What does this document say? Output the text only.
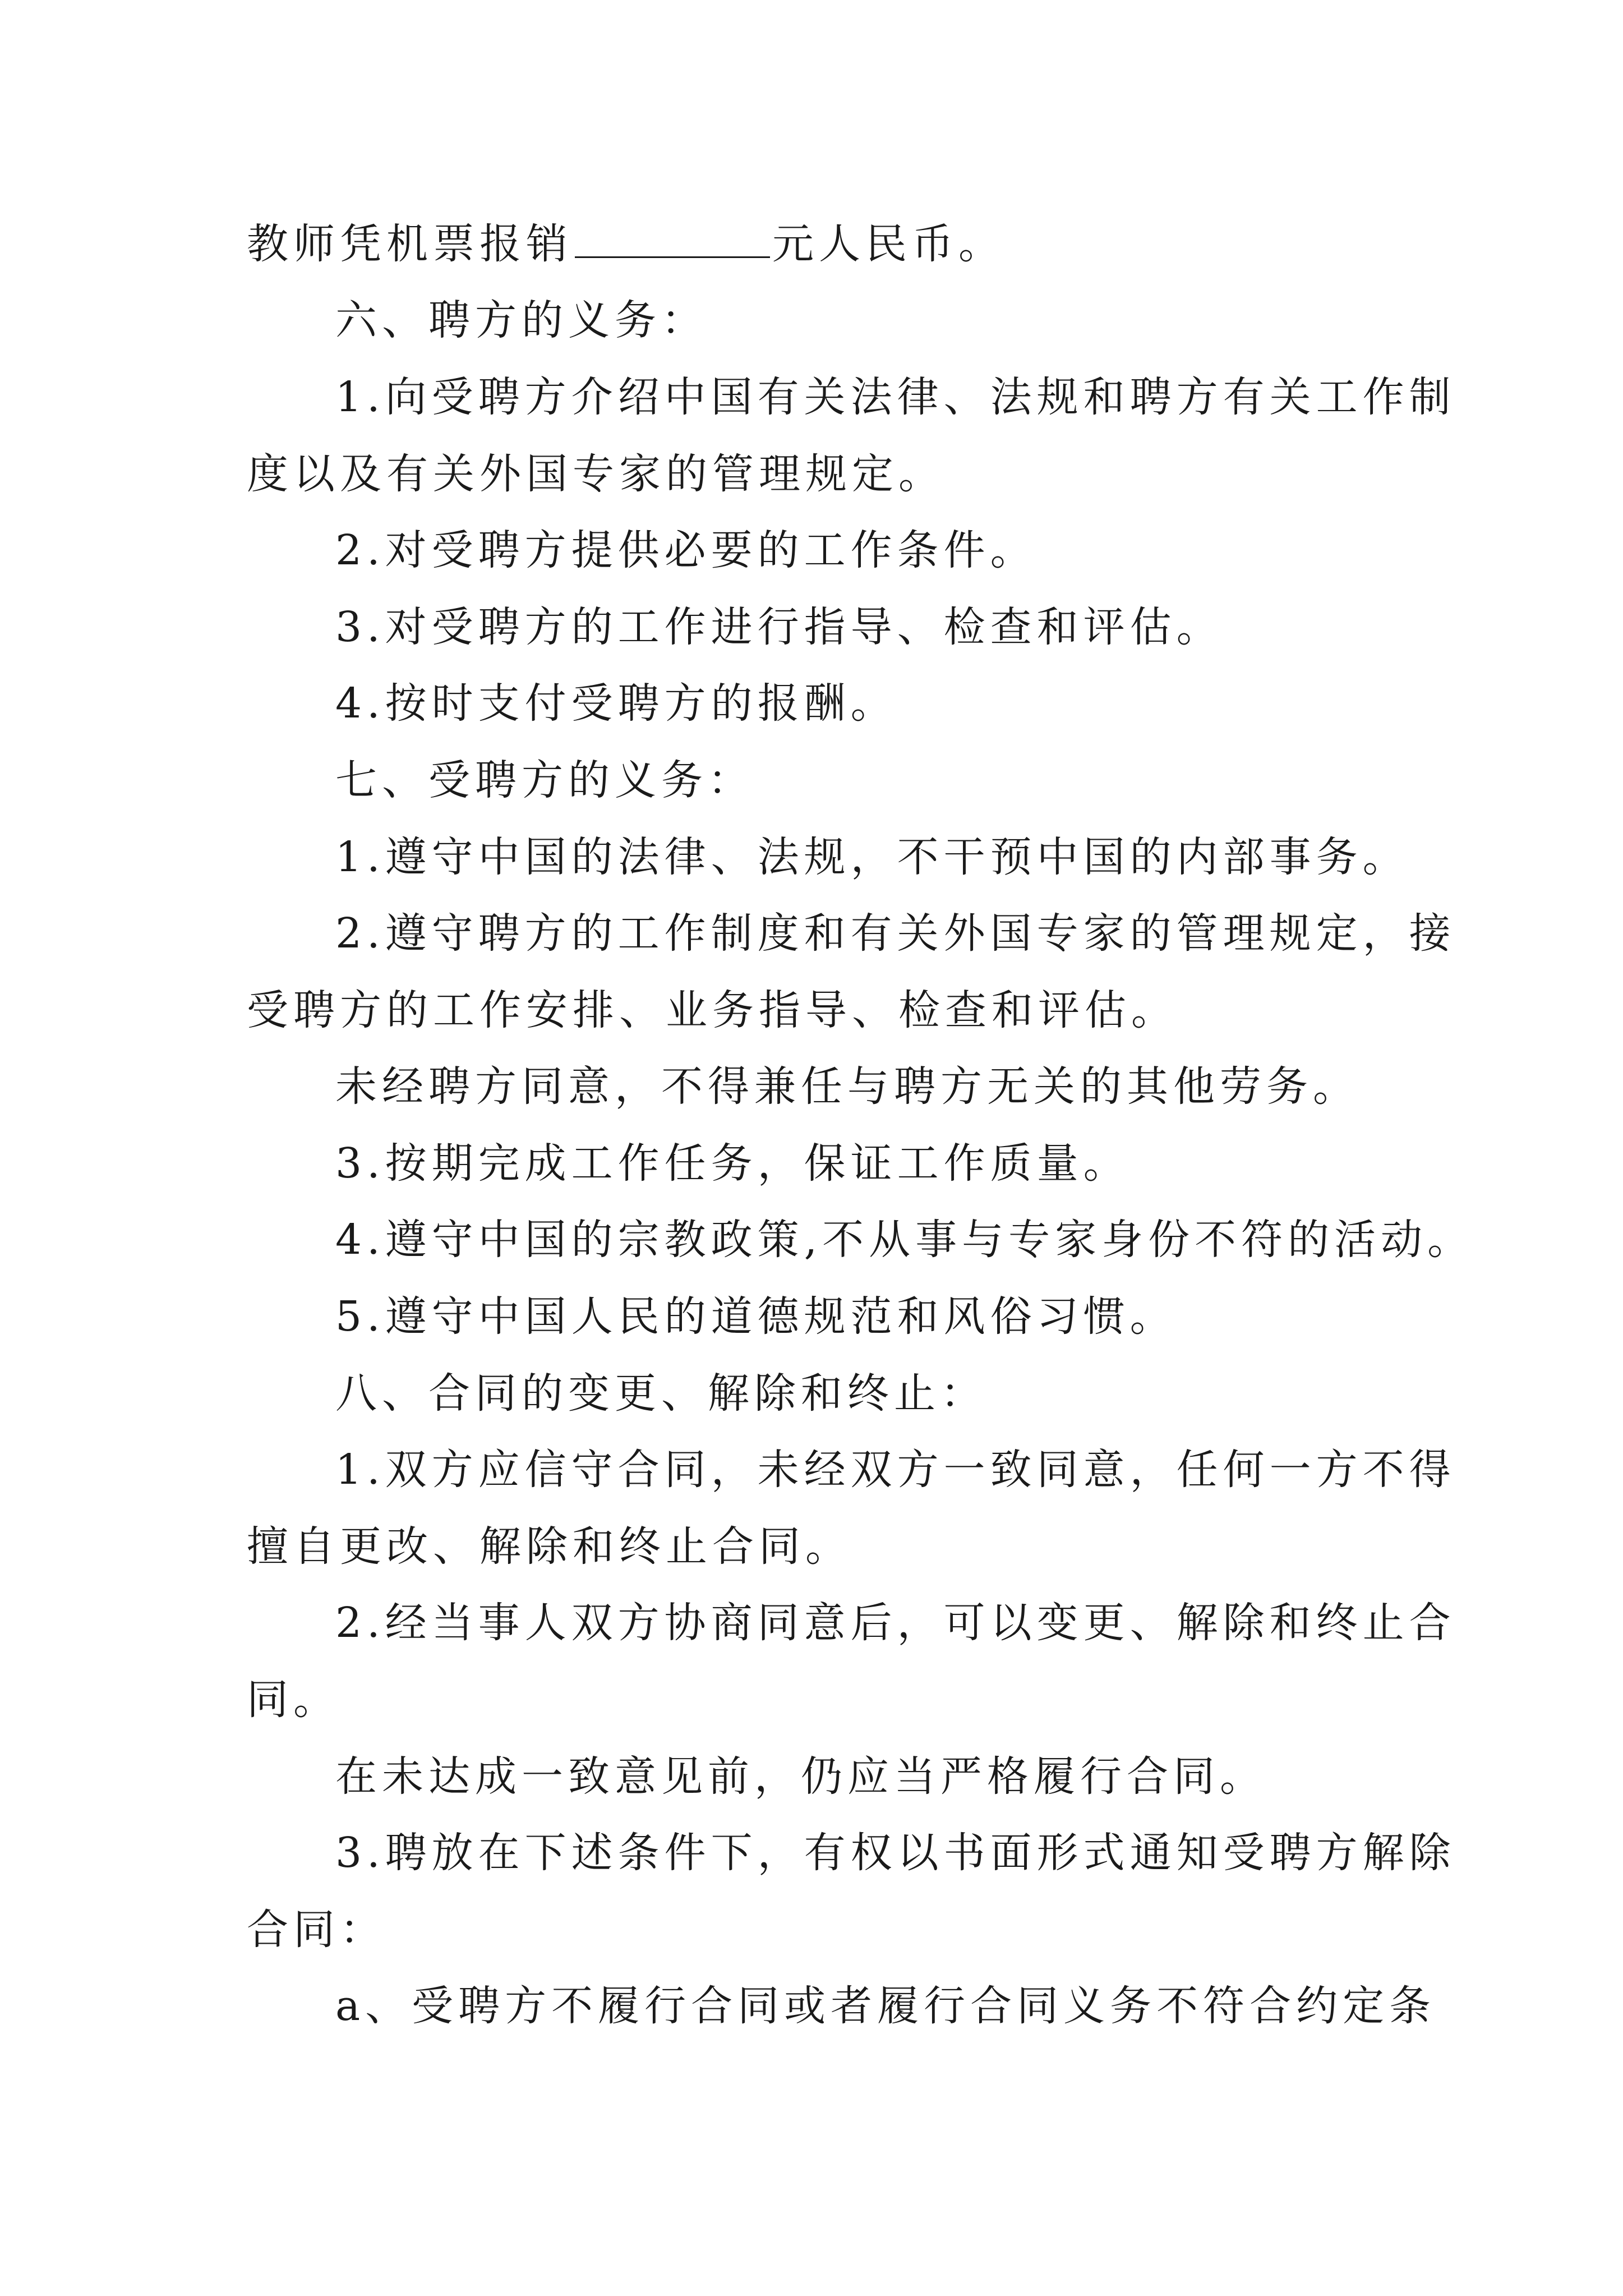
教师凭机票报销	元人民币。
六、聘方的义务：
1.向受聘方介绍中国有关法律、法规和聘方有关工作制
度以及有关外国专家的管理规定。
2.对受聘方提供必要的工作条件。
3.对受聘方的工作进行指导、检查和评估。
4.按时支付受聘方的报酬。
七、受聘方的义务：
1.遵守中国的法律、法规，不干预中国的内部事务。
2.遵守聘方的工作制度和有关外国专家的管理规定，接
受聘方的工作安排、业务指导、检查和评估。
未经聘方同意，不得兼任与聘方无关的其他劳务。
3.按期完成工作任务，保证工作质量。
4.遵守中国的宗教政策,不从事与专家身份不符的活动。
5.遵守中国人民的道德规范和风俗习惯。
八、合同的变更、解除和终止：
1.双方应信守合同，未经双方一致同意，任何一方不得
擅自更改、解除和终止合同。
2.经当事人双方协商同意后，可以变更、解除和终止合
同。
在未达成一致意见前，仍应当严格履行合同。
3.聘放在下述条件下，有权以书面形式通知受聘方解除
合同：
a、受聘方不履行合同或者履行合同义务不符合约定条
